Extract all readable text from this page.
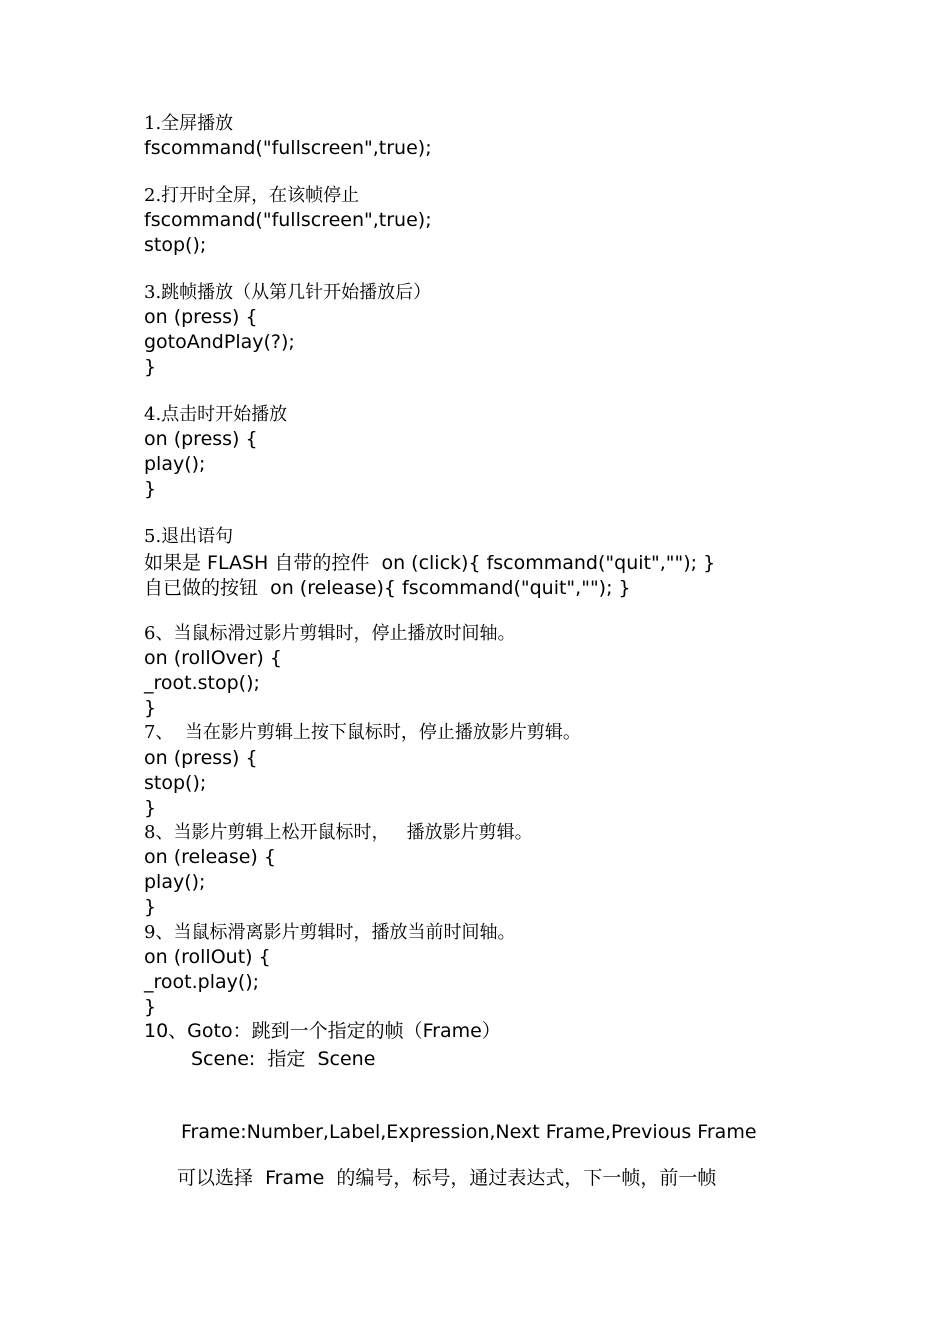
1.全屏播放
fscommand("fullscreen",true);
2.打开时全屏，在该帧停止
fscommand("fullscreen",true);
stop();
3.跳帧播放（从第几针开始播放后）
on (press) {
gotoAndPlay(?);
}
4.点击时开始播放
on (press) {
play();
}
5.退出语句
如果是 FLASH 自带的控件  on (click){ fscommand("quit",""); }
自已做的按钮  on (release){ fscommand("quit",""); }
6、当鼠标滑过影片剪辑时，停止播放时间轴。
on (rollOver) {
_root.stop();
}
7、  当在影片剪辑上按下鼠标时，停止播放影片剪辑。
on (press) {
stop();
}
8、当影片剪辑上松开鼠标时，   播放影片剪辑。
on (release) {
play();
}
9、当鼠标滑离影片剪辑时，播放当前时间轴。
on (rollOut) {
_root.play();
}
10、Goto：跳到一个指定的帧（Frame）
Scene:  指定  Scene
Frame:Number,Label,Expression,Next Frame,Previous Frame
可以选择  Frame  的编号，标号，通过表达式，下一帧，前一帧
